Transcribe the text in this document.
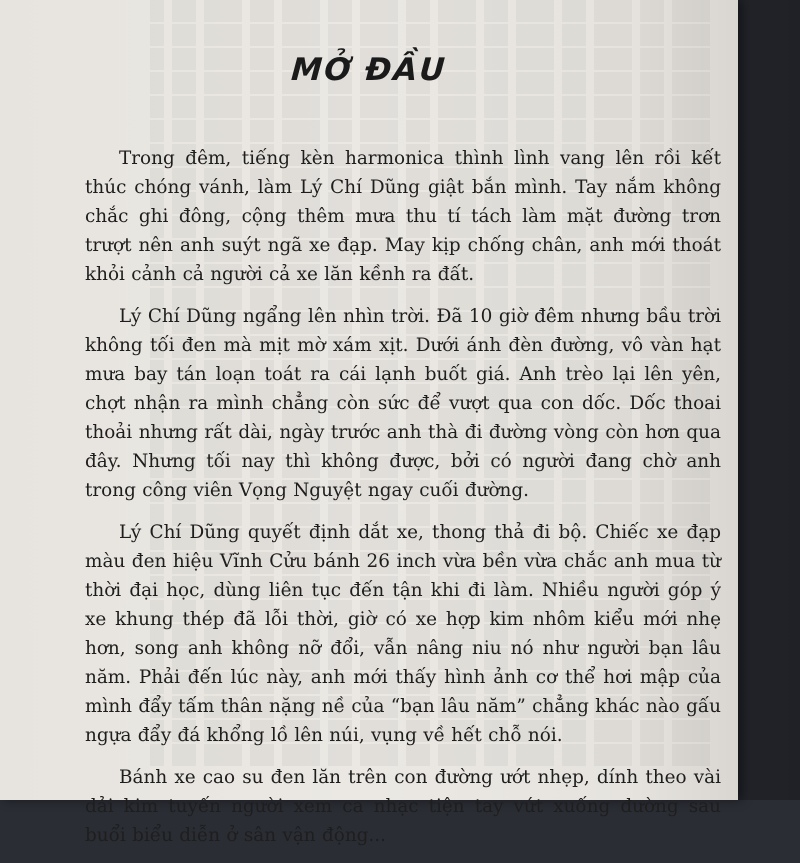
MỞ ĐẦU

Trong đêm, tiếng kèn harmonica thình lình vang lên rồi kết thúc chóng vánh, làm Lý Chí Dũng giật bắn mình. Tay nắm không chắc ghi đông, cộng thêm mưa thu tí tách làm mặt đường trơn trượt nên anh suýt ngã xe đạp. May kịp chống chân, anh mới thoát khỏi cảnh cả người cả xe lăn kềnh ra đất.

Lý Chí Dũng ngẩng lên nhìn trời. Đã 10 giờ đêm nhưng bầu trời không tối đen mà mịt mờ xám xịt. Dưới ánh đèn đường, vô vàn hạt mưa bay tán loạn toát ra cái lạnh buốt giá. Anh trèo lại lên yên, chợt nhận ra mình chẳng còn sức để vượt qua con dốc. Dốc thoai thoải nhưng rất dài, ngày trước anh thà đi đường vòng còn hơn qua đây. Nhưng tối nay thì không được, bởi có người đang chờ anh trong công viên Vọng Nguyệt ngay cuối đường.

Lý Chí Dũng quyết định dắt xe, thong thả đi bộ. Chiếc xe đạp màu đen hiệu Vĩnh Cửu bánh 26 inch vừa bền vừa chắc anh mua từ thời đại học, dùng liên tục đến tận khi đi làm. Nhiều người góp ý xe khung thép đã lỗi thời, giờ có xe hợp kim nhôm kiểu mới nhẹ hơn, song anh không nỡ đổi, vẫn nâng niu nó như người bạn lâu năm. Phải đến lúc này, anh mới thấy hình ảnh cơ thể hơi mập của mình đẩy tấm thân nặng nề của “bạn lâu năm” chẳng khác nào gấu ngựa đẩy đá khổng lồ lên núi, vụng về hết chỗ nói.

Bánh xe cao su đen lăn trên con đường ướt nhẹp, dính theo vài dải kim tuyến người xem ca nhạc tiện tay vứt xuống đường sau buổi biểu diễn ở sân vận động...
